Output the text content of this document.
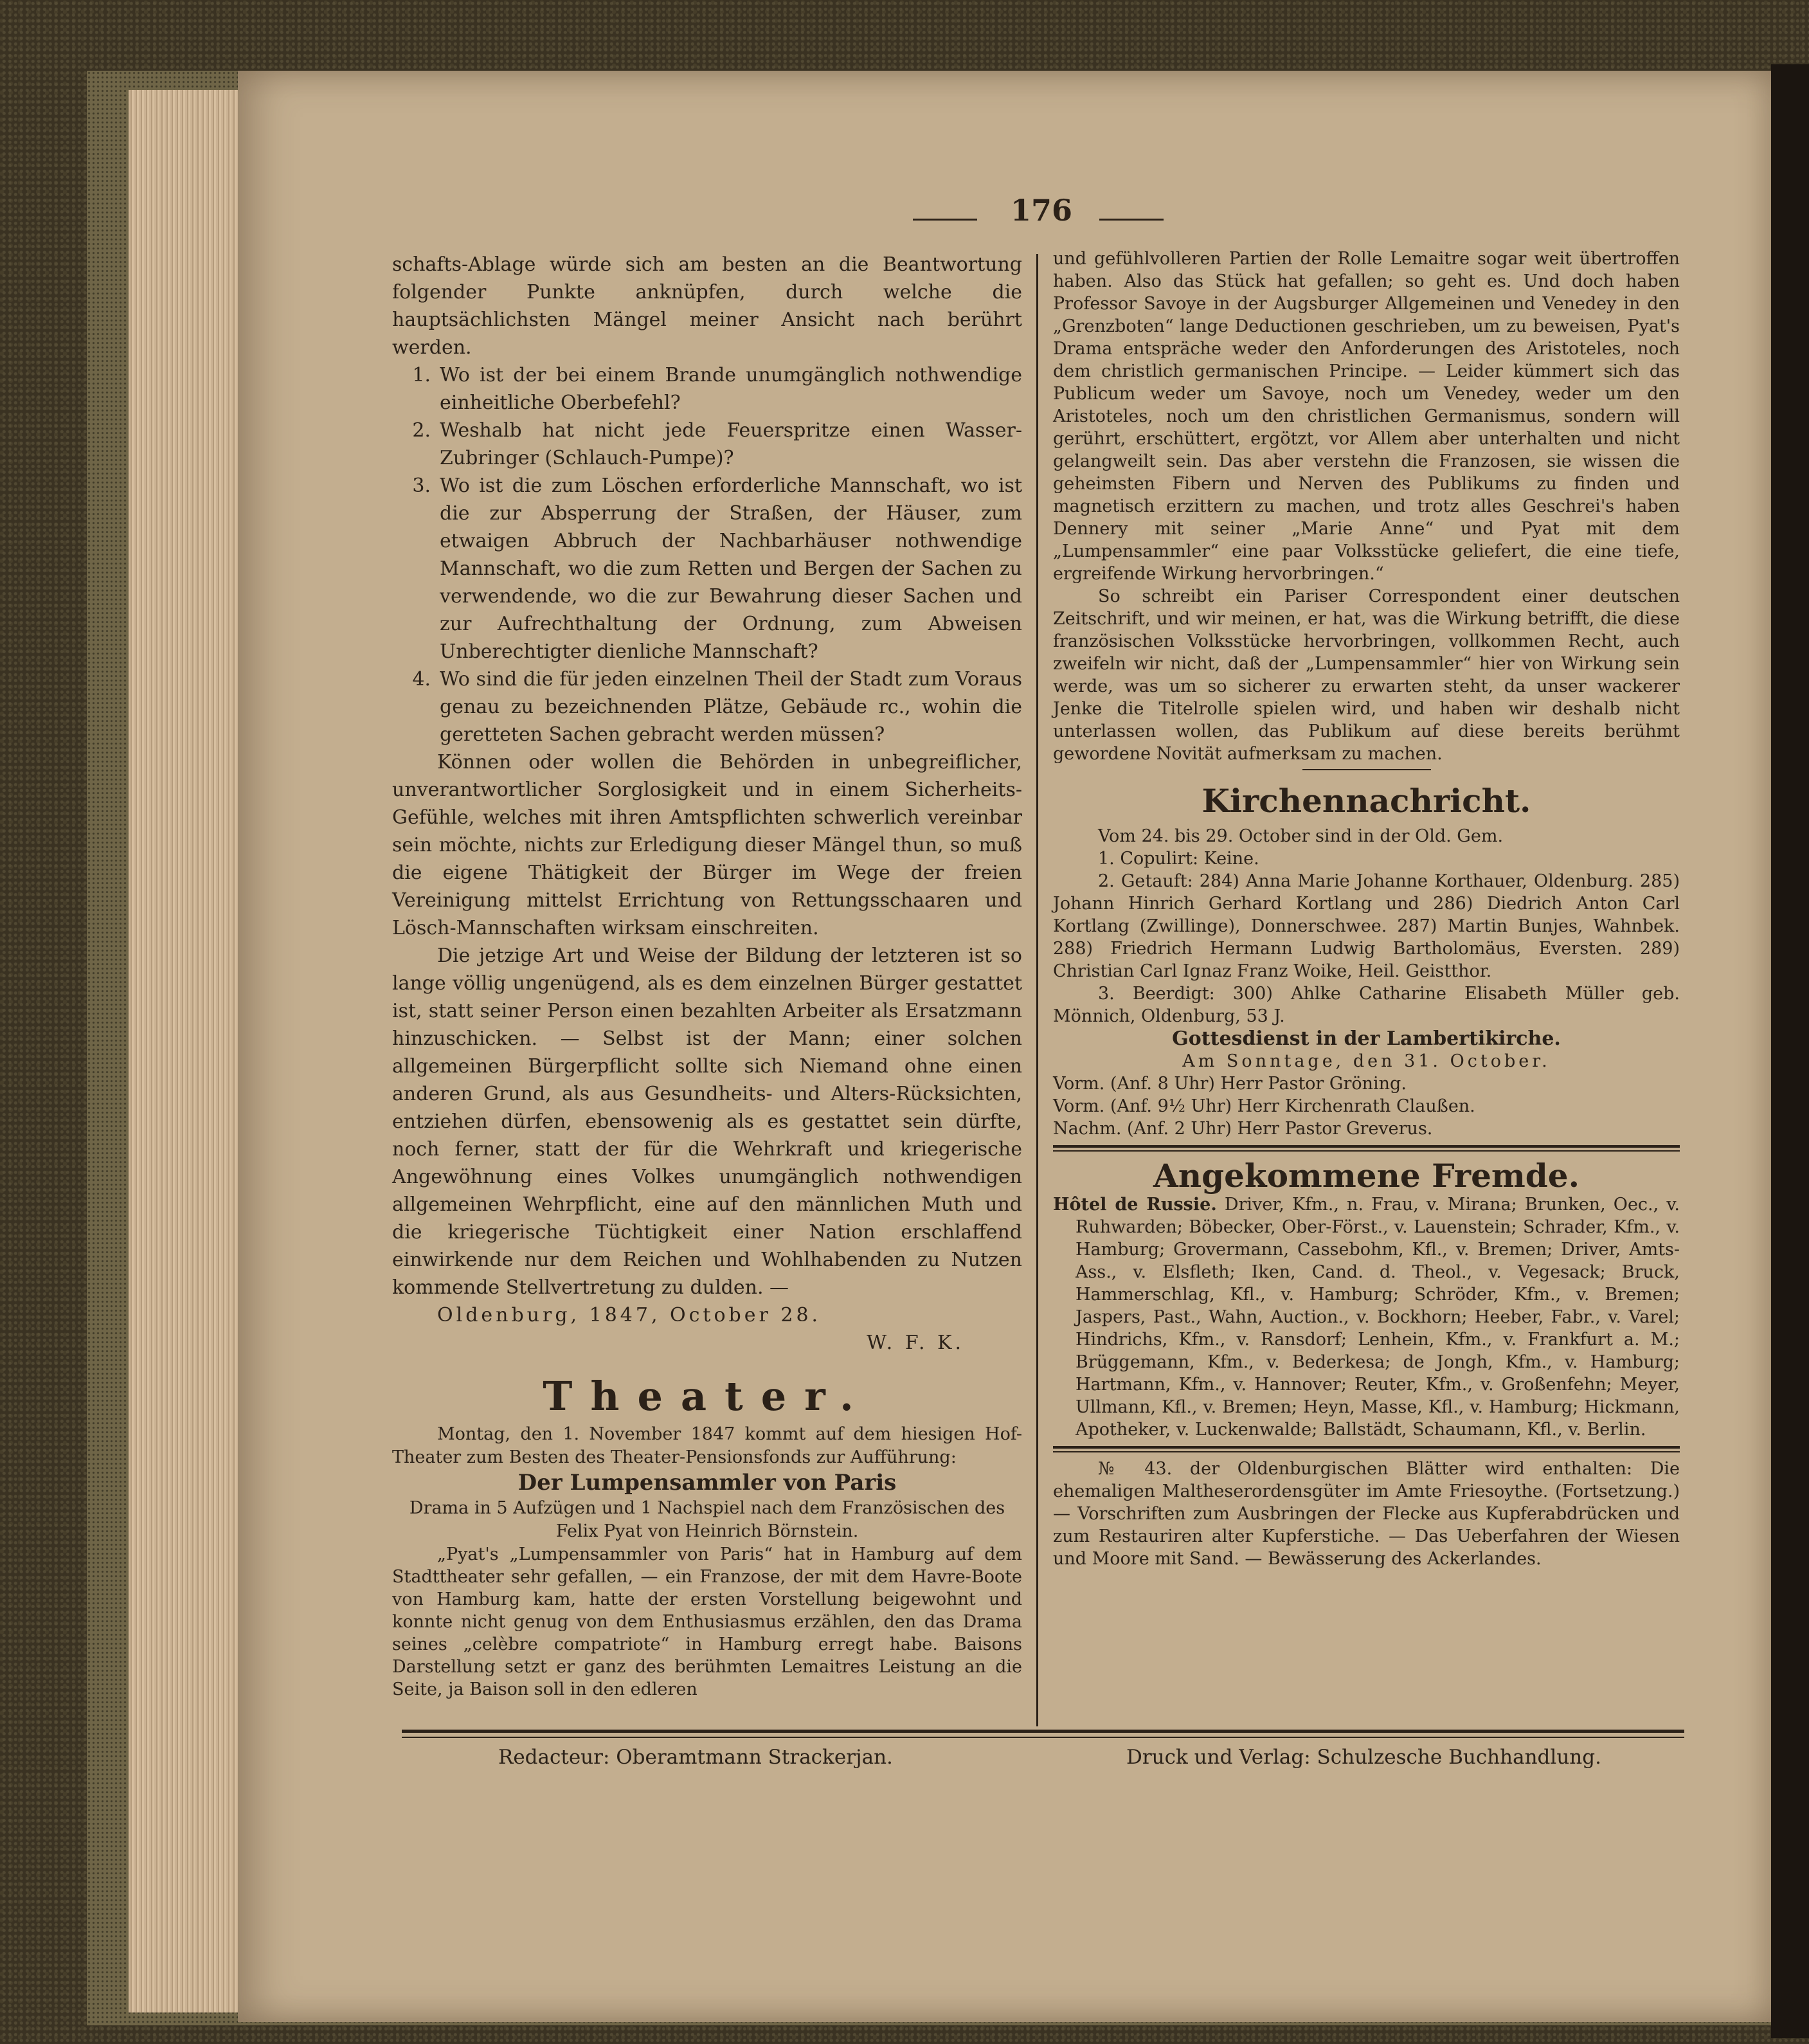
176

schafts-Ablage würde sich am besten an die Beantwortung folgender Punkte anknüpfen, durch welche die hauptsächlichsten Mängel meiner Ansicht nach berührt werden.

1. Wo ist der bei einem Brande unumgänglich nothwendige einheitliche Oberbefehl?
2. Weshalb hat nicht jede Feuerspritze einen Wasser-Zubringer (Schlauch-Pumpe)?
3. Wo ist die zum Löschen erforderliche Mannschaft, wo ist die zur Absperrung der Straßen, der Häuser, zum etwaigen Abbruch der Nachbarhäuser nothwendige Mannschaft, wo die zum Retten und Bergen der Sachen zu verwendende, wo die zur Bewahrung dieser Sachen und zur Aufrechthaltung der Ordnung, zum Abweisen Unberechtigter dienliche Mannschaft?
4. Wo sind die für jeden einzelnen Theil der Stadt zum Voraus genau zu bezeichnenden Plätze, Gebäude rc., wohin die geretteten Sachen gebracht werden müssen?

Können oder wollen die Behörden in unbegreiflicher, unverantwortlicher Sorglosigkeit und in einem Sicherheits-Gefühle, welches mit ihren Amtspflichten schwerlich vereinbar sein möchte, nichts zur Erledigung dieser Mängel thun, so muß die eigene Thätigkeit der Bürger im Wege der freien Vereinigung mittelst Errichtung von Rettungsschaaren und Lösch-Mannschaften wirksam einschreiten.

Die jetzige Art und Weise der Bildung der letzteren ist so lange völlig ungenügend, als es dem einzelnen Bürger gestattet ist, statt seiner Person einen bezahlten Arbeiter als Ersatzmann hinzuschicken. — Selbst ist der Mann; einer solchen allgemeinen Bürgerpflicht sollte sich Niemand ohne einen anderen Grund, als aus Gesundheits- und Alters-Rücksichten, entziehen dürfen, ebensowenig als es gestattet sein dürfte, noch ferner, statt der für die Wehrkraft und kriegerische Angewöhnung eines Volkes unumgänglich nothwendigen allgemeinen Wehrpflicht, eine auf den männlichen Muth und die kriegerische Tüchtigkeit einer Nation erschlaffend einwirkende nur dem Reichen und Wohlhabenden zu Nutzen kommende Stellvertretung zu dulden. —

Oldenburg, 1847, October 28.

W. F. K.

Theater.

Montag, den 1. November 1847 kommt auf dem hiesigen Hof-Theater zum Besten des Theater-Pensionsfonds zur Aufführung:

Der Lumpensammler von Paris

Drama in 5 Aufzügen und 1 Nachspiel nach dem Französischen des Felix Pyat von Heinrich Börnstein.

„Pyat's „Lumpensammler von Paris“ hat in Hamburg auf dem Stadttheater sehr gefallen, — ein Franzose, der mit dem Havre-Boote von Hamburg kam, hatte der ersten Vorstellung beigewohnt und konnte nicht genug von dem Enthusiasmus erzählen, den das Drama seines „celèbre compatriote“ in Hamburg erregt habe. Baisons Darstellung setzt er ganz des berühmten Lemaitres Leistung an die Seite, ja Baison soll in den edleren

und gefühlvolleren Partien der Rolle Lemaitre sogar weit übertroffen haben. Also das Stück hat gefallen; so geht es. Und doch haben Professor Savoye in der Augsburger Allgemeinen und Venedey in den „Grenzboten“ lange Deductionen geschrieben, um zu beweisen, Pyat's Drama entspräche weder den Anforderungen des Aristoteles, noch dem christlich germanischen Principe. — Leider kümmert sich das Publicum weder um Savoye, noch um Venedey, weder um den Aristoteles, noch um den christlichen Germanismus, sondern will gerührt, erschüttert, ergötzt, vor Allem aber unterhalten und nicht gelangweilt sein. Das aber verstehn die Franzosen, sie wissen die geheimsten Fibern und Nerven des Publikums zu finden und magnetisch erzittern zu machen, und trotz alles Geschrei's haben Dennery mit seiner „Marie Anne“ und Pyat mit dem „Lumpensammler“ eine paar Volksstücke geliefert, die eine tiefe, ergreifende Wirkung hervorbringen.“

So schreibt ein Pariser Correspondent einer deutschen Zeitschrift, und wir meinen, er hat, was die Wirkung betrifft, die diese französischen Volksstücke hervorbringen, vollkommen Recht, auch zweifeln wir nicht, daß der „Lumpensammler“ hier von Wirkung sein werde, was um so sicherer zu erwarten steht, da unser wackerer Jenke die Titelrolle spielen wird, und haben wir deshalb nicht unterlassen wollen, das Publikum auf diese bereits berühmt gewordene Novität aufmerksam zu machen.

Kirchennachricht.

Vom 24. bis 29. October sind in der Old. Gem.

1. Copulirt: Keine.

2. Getauft: 284) Anna Marie Johanne Korthauer, Oldenburg. 285) Johann Hinrich Gerhard Kortlang und 286) Diedrich Anton Carl Kortlang (Zwillinge), Donnerschwee. 287) Martin Bunjes, Wahnbek. 288) Friedrich Hermann Ludwig Bartholomäus, Eversten. 289) Christian Carl Ignaz Franz Woike, Heil. Geistthor.

3. Beerdigt: 300) Ahlke Catharine Elisabeth Müller geb. Mönnich, Oldenburg, 53 J.

Gottesdienst in der Lambertikirche.

Am Sonntage, den 31. October.

Vorm. (Anf. 8 Uhr) Herr Pastor Gröning.

Vorm. (Anf. 9½ Uhr) Herr Kirchenrath Claußen.

Nachm. (Anf. 2 Uhr) Herr Pastor Greverus.

Angekommene Fremde.

Hôtel de Russie. Driver, Kfm., n. Frau, v. Mirana; Brunken, Oec., v. Ruhwarden; Böbecker, Ober-Först., v. Lauenstein; Schrader, Kfm., v. Hamburg; Grovermann, Cassebohm, Kfl., v. Bremen; Driver, Amts-Ass., v. Elsfleth; Iken, Cand. d. Theol., v. Vegesack; Bruck, Hammerschlag, Kfl., v. Hamburg; Schröder, Kfm., v. Bremen; Jaspers, Past., Wahn, Auction., v. Bockhorn; Heeber, Fabr., v. Varel; Hindrichs, Kfm., v. Ransdorf; Lenhein, Kfm., v. Frankfurt a. M.; Brüggemann, Kfm., v. Bederkesa; de Jongh, Kfm., v. Hamburg; Hartmann, Kfm., v. Hannover; Reuter, Kfm., v. Großenfehn; Meyer, Ullmann, Kfl., v. Bremen; Heyn, Masse, Kfl., v. Hamburg; Hickmann, Apotheker, v. Luckenwalde; Ballstädt, Schaumann, Kfl., v. Berlin.

№ 43. der Oldenburgischen Blätter wird enthalten: Die ehemaligen Maltheserordensgüter im Amte Friesoythe. (Fortsetzung.) — Vorschriften zum Ausbringen der Flecke aus Kupferabdrücken und zum Restauriren alter Kupferstiche. — Das Ueberfahren der Wiesen und Moore mit Sand. — Bewässerung des Ackerlandes.

Redacteur: Oberamtmann Strackerjan.	Druck und Verlag: Schulzesche Buchhandlung.
